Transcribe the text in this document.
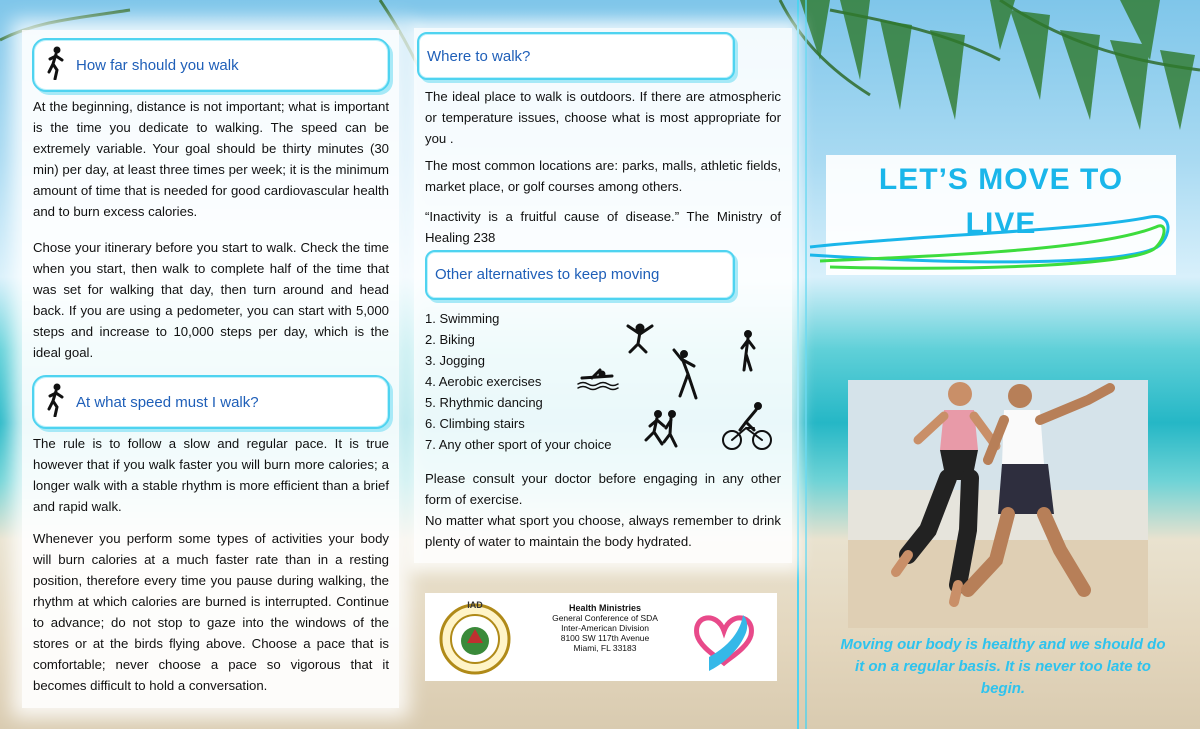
How far should you walk

At the beginning, distance is not important; what is important is the time you dedicate to walking. The speed can be extremely variable. Your goal should be thirty minutes (30 min) per day, at least three times per week; it is the minimum amount of time that is needed for good cardiovascular health and to burn excess calories.

Chose your itinerary before you start to walk. Check the time when you start, then walk to complete half of the time that was set for walking that day, then turn around and head back. If you are using a pedometer, you can start with 5,000 steps and increase to 10,000 steps per day, which is the ideal goal.

At what speed must I walk?

The rule is to follow a slow and regular pace. It is true however that if you walk faster you will burn more calories; a longer walk with a stable rhythm is more efficient than a brief and rapid walk.

Whenever you perform some types of activities your body will burn calories at a much faster rate than in a resting position, therefore every time you pause during walking, the rhythm at which calories are burned is interrupted. Continue to advance; do not stop to gaze into the windows of the stores or at the birds flying above. Choose a pace that is comfortable; never choose a pace so vigorous that it becomes difficult to hold a conversation.

Where to walk?

The ideal place to walk is outdoors. If there are atmospheric or temperature issues, choose what is most appropriate for you .

The most common locations are: parks, malls, athletic fields, market place, or golf courses among others.

“Inactivity is a fruitful cause of disease.” The Ministry of Healing 238

Other alternatives to keep moving
1. Swimming
2. Biking
3. Jogging
4. Aerobic exercises
5. Rhythmic dancing
6. Climbing stairs
7. Any other sport of your choice

Please consult your doctor before engaging in any other form of exercise.

No matter what sport you choose, always remember to drink plenty of water to maintain the body hydrated.

IAD	Health Ministries
General Conference of SDA
Inter-American Division
8100 SW 117th Avenue
Miami, FL 33183
LET’S MOVE TO
LIVE
Moving our body is healthy and we should do it on a regular basis. It is never too late to begin.
